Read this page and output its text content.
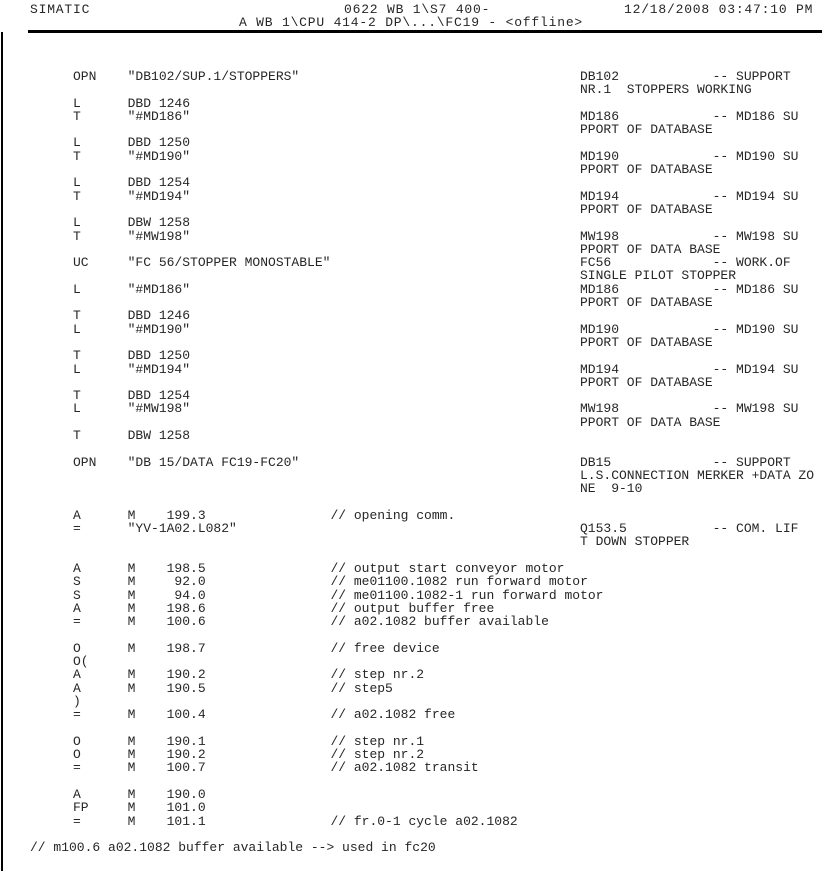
SIMATIC	0622 WB 1\S7 400-	12/18/2008 03:47:10 PM
A WB 1\CPU 414-2 DP\...\FC19 - <offline>
OPN    "DB102/SUP.1/STOPPERS"	DB102            -- SUPPORT
NR.1  STOPPERS WORKING
L      DBD 1246
T      "#MD186"	MD186            -- MD186 SU
PPORT OF DATABASE
L      DBD 1250
T      "#MD190"	MD190            -- MD190 SU
PPORT OF DATABASE
L      DBD 1254
T      "#MD194"	MD194            -- MD194 SU
PPORT OF DATABASE
L      DBW 1258
T      "#MW198"	MW198            -- MW198 SU
PPORT OF DATA BASE
UC     "FC 56/STOPPER MONOSTABLE"	FC56             -- WORK.OF
SINGLE PILOT STOPPER
L      "#MD186"	MD186            -- MD186 SU
PPORT OF DATABASE
T      DBD 1246
L      "#MD190"	MD190            -- MD190 SU
PPORT OF DATABASE
T      DBD 1250
L      "#MD194"	MD194            -- MD194 SU
PPORT OF DATABASE
T      DBD 1254
L      "#MW198"	MW198            -- MW198 SU
PPORT OF DATA BASE
T      DBW 1258
OPN    "DB 15/DATA FC19-FC20"	DB15             -- SUPPORT
L.S.CONNECTION MERKER +DATA ZO
NE  9-10
A      M    199.3                // opening comm.
=      "YV-1A02.L082"	Q153.5           -- COM. LIF
T DOWN STOPPER
A      M    198.5                // output start conveyor motor
S      M     92.0                // me01100.1082 run forward motor
S      M     94.0                // me01100.1082-1 run forward motor
A      M    198.6                // output buffer free
=      M    100.6                // a02.1082 buffer available
O      M    198.7                // free device
O(
A      M    190.2                // step nr.2
A      M    190.5                // step5
)
=      M    100.4                // a02.1082 free
O      M    190.1                // step nr.1
O      M    190.2                // step nr.2
=      M    100.7                // a02.1082 transit
A      M    190.0
FP     M    101.0
=      M    101.1                // fr.0-1 cycle a02.1082
// m100.6 a02.1082 buffer available --> used in fc20
